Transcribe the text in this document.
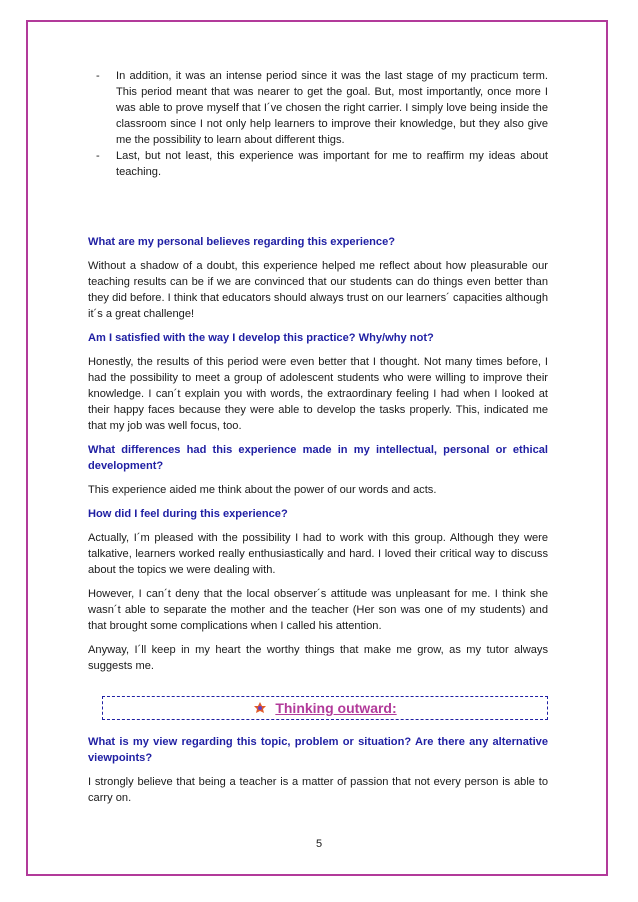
- In addition, it was an intense period since it was the last stage of my practicum term. This period meant that was nearer to get the goal. But, most importantly, once more I was able to prove myself that I´ve chosen the right carrier. I simply love being inside the classroom since I not only help learners to improve their knowledge, but they also give me the possibility to learn about different thigs.

- Last, but not least, this experience was important for me to reaffirm my ideas about teaching.

What are my personal believes regarding this experience?

Without a shadow of a doubt, this experience helped me reflect about how pleasurable our teaching results can be if we are convinced that our students can do things even better than they did before. I think that educators should always trust on our learners´ capacities although it´s a great challenge!

Am I satisfied with the way I develop this practice? Why/why not?

Honestly, the results of this period were even better that I thought. Not many times before, I had the possibility to meet a group of adolescent students who were willing to improve their knowledge. I can´t explain you with words, the extraordinary feeling I had when I looked at their happy faces because they were able to develop the tasks properly. This, indicated me that my job was well focus, too.

What differences had this experience made in my intellectual, personal or ethical development?

This experience aided me think about the power of our words and acts.

How did I feel during this experience?

Actually, I´m pleased with the possibility I had to work with this group. Although they were talkative, learners worked really enthusiastically and hard. I loved their critical way to discuss about the topics we were dealing with.

However, I can´t deny that the local observer´s attitude was unpleasant for me. I think she wasn´t able to separate the mother and the teacher (Her son was one of my students) and that brought some complications when I called his attention.

Anyway, I´ll keep in my heart the worthy things that make me grow, as my tutor always suggests me.

Thinking outward:

What is my view regarding this topic, problem or situation? Are there any alternative viewpoints?

I strongly believe that being a teacher is a matter of passion that not every person is able to carry on.

5
